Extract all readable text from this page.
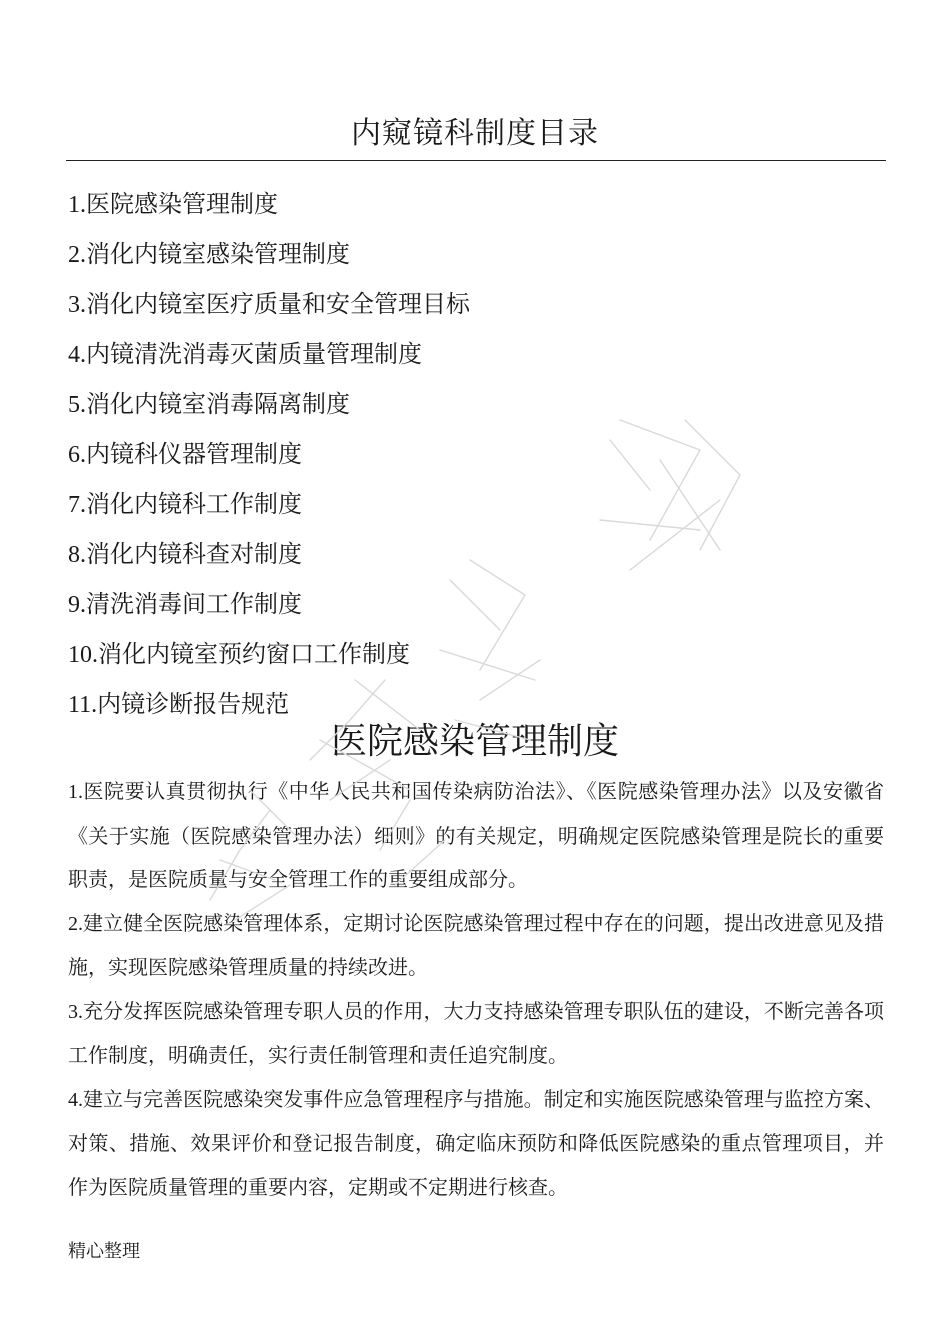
内窥镜科制度目录
1.医院感染管理制度
2.消化内镜室感染管理制度
3.消化内镜室医疗质量和安全管理目标
4.内镜清洗消毒灭菌质量管理制度
5.消化内镜室消毒隔离制度
6.内镜科仪器管理制度
7.消化内镜科工作制度
8.消化内镜科查对制度
9.清洗消毒间工作制度
10.消化内镜室预约窗口工作制度
11.内镜诊断报告规范
医院感染管理制度

1.医院要认真贯彻执行《中华人民共和国传染病防治法》、《医院感染管理办法》以及安徽省《关于实施（医院感染管理办法）细则》的有关规定，明确规定医院感染管理是院长的重要职责，是医院质量与安全管理工作的重要组成部分。

2.建立健全医院感染管理体系，定期讨论医院感染管理过程中存在的问题，提出改进意见及措施，实现医院感染管理质量的持续改进。

3.充分发挥医院感染管理专职人员的作用，大力支持感染管理专职队伍的建设，不断完善各项工作制度，明确责任，实行责任制管理和责任追究制度。

4.建立与完善医院感染突发事件应急管理程序与措施。制定和实施医院感染管理与监控方案、对策、措施、效果评价和登记报告制度，确定临床预防和降低医院感染的重点管理项目，并作为医院质量管理的重要内容，定期或不定期进行核查。

精心整理
